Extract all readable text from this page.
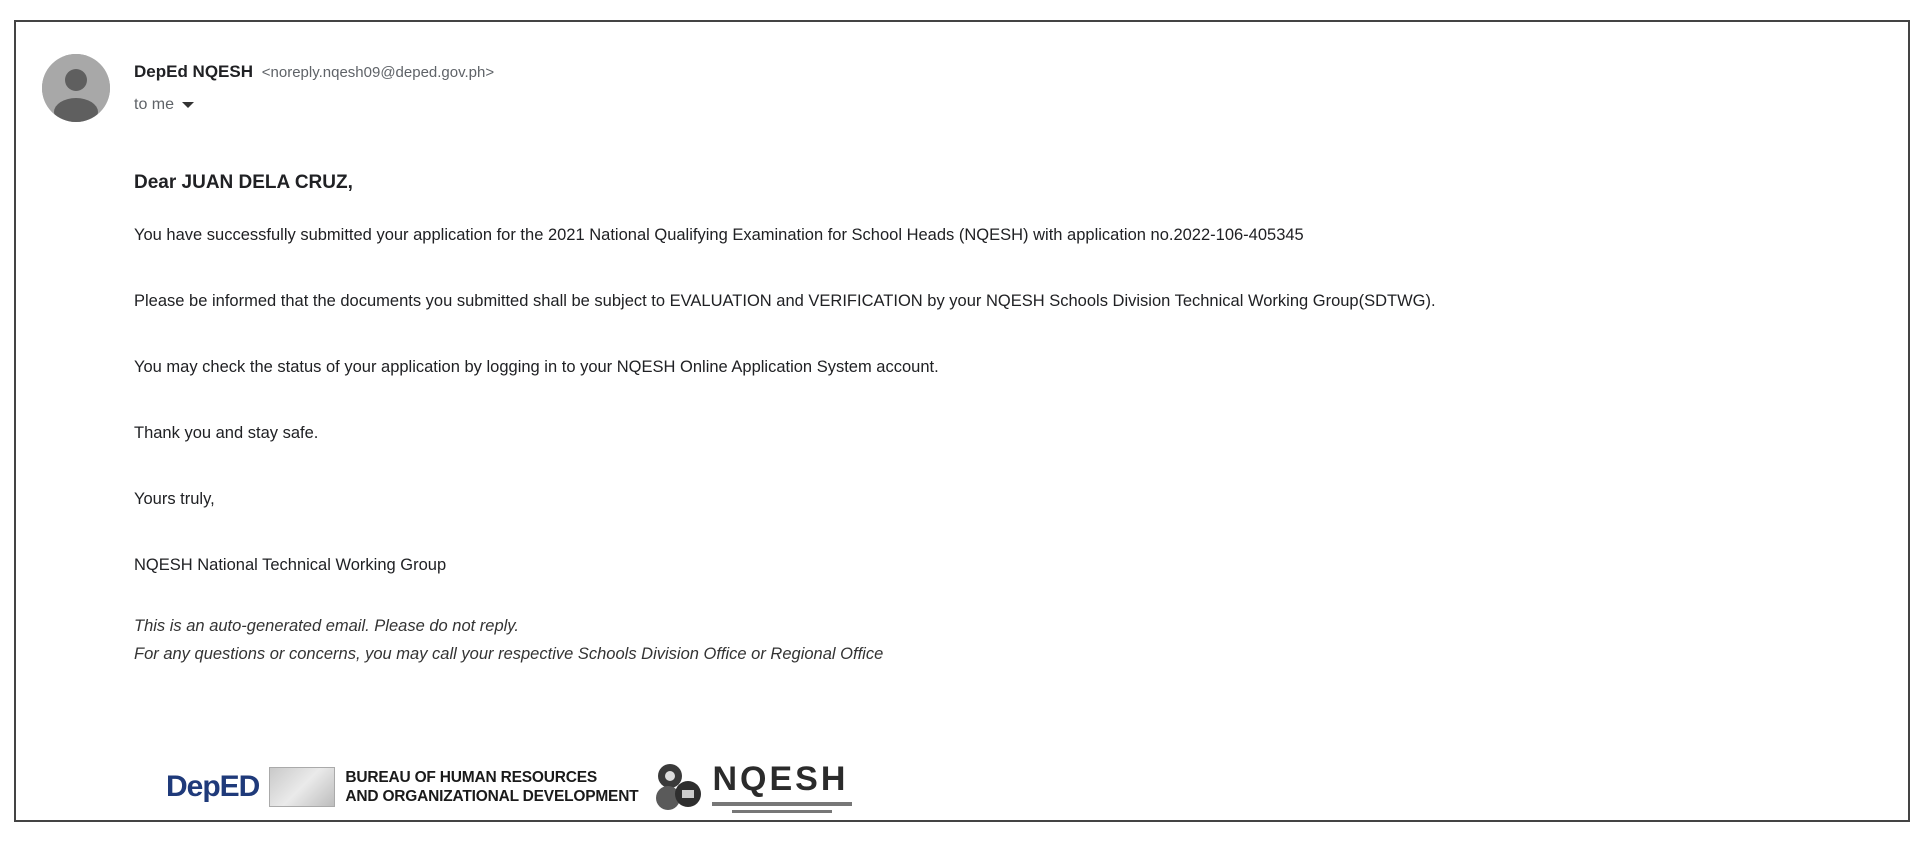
DepEd NQESH <noreply.nqesh09@deped.gov.ph>
to me

Dear JUAN DELA CRUZ,

You have successfully submitted your application for the 2021 National Qualifying Examination for School Heads (NQESH) with application no.2022-106-405345

Please be informed that the documents you submitted shall be subject to EVALUATION and VERIFICATION by your NQESH Schools Division Technical Working Group(SDTWG).

You may check the status of your application by logging in to your NQESH Online Application System account.

Thank you and stay safe.

Yours truly,

NQESH National Technical Working Group

This is an auto-generated email. Please do not reply.

For any questions or concerns, you may call your respective Schools Division Office or Regional Office

DepED	BUREAU OF HUMAN RESOURCES
AND ORGANIZATIONAL DEVELOPMENT NQESH
